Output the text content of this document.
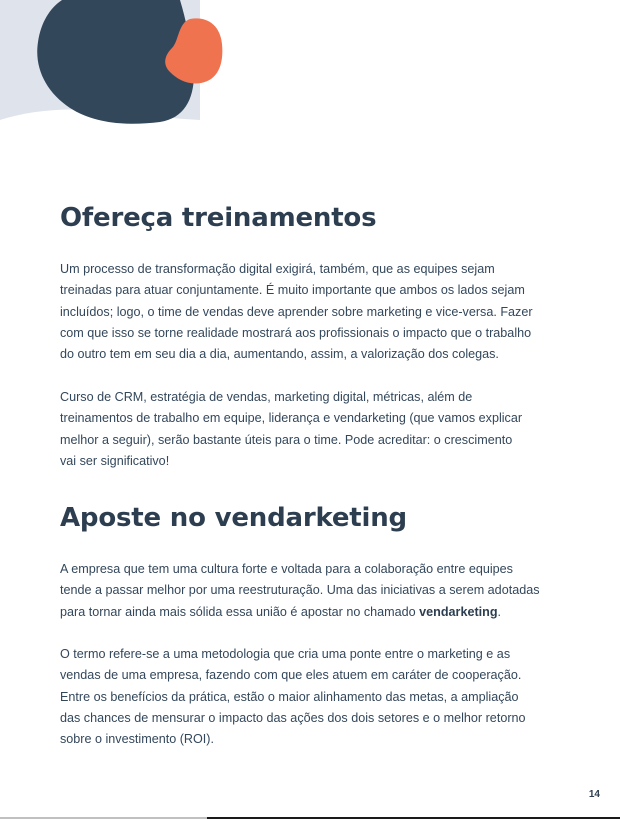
Ofereça treinamentos

Um processo de transformação digital exigirá, também, que as equipes sejam
treinadas para atuar conjuntamente. É muito importante que ambos os lados sejam
incluídos; logo, o time de vendas deve aprender sobre marketing e vice-versa. Fazer
com que isso se torne realidade mostrará aos profissionais o impacto que o trabalho
do outro tem em seu dia a dia, aumentando, assim, a valorização dos colegas.

Curso de CRM, estratégia de vendas, marketing digital, métricas, além de
treinamentos de trabalho em equipe, liderança e vendarketing (que vamos explicar
melhor a seguir), serão bastante úteis para o time. Pode acreditar: o crescimento
vai ser significativo!

Aposte no vendarketing

A empresa que tem uma cultura forte e voltada para a colaboração entre equipes
tende a passar melhor por uma reestruturação. Uma das iniciativas a serem adotadas
para tornar ainda mais sólida essa união é apostar no chamado vendarketing.

O termo refere-se a uma metodologia que cria uma ponte entre o marketing e as
vendas de uma empresa, fazendo com que eles atuem em caráter de cooperação.
Entre os benefícios da prática, estão o maior alinhamento das metas, a ampliação
das chances de mensurar o impacto das ações dos dois setores e o melhor retorno
sobre o investimento (ROI).

14
